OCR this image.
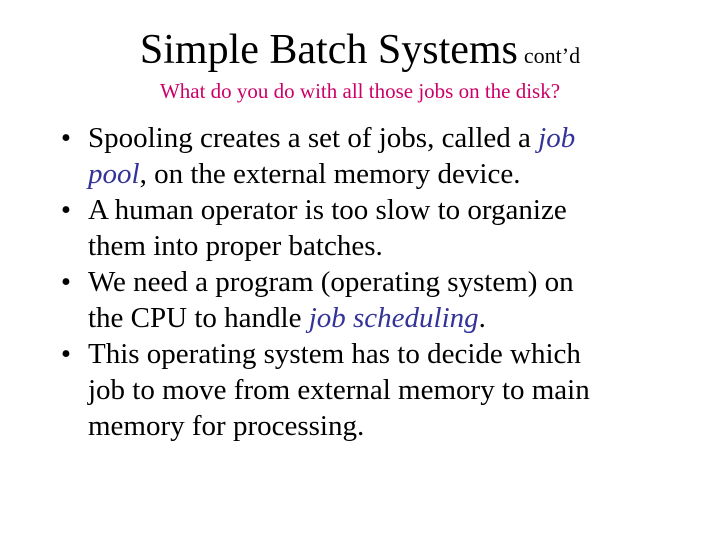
Simple Batch Systems cont’d
What do you do with all those jobs on the disk?
• Spooling creates a set of jobs, called a job
pool, on the external memory device.
• A human operator is too slow to organize
them into proper batches.
• We need a program (operating system) on
the CPU to handle job scheduling.
• This operating system has to decide which
job to move from external memory to main
memory for processing.
